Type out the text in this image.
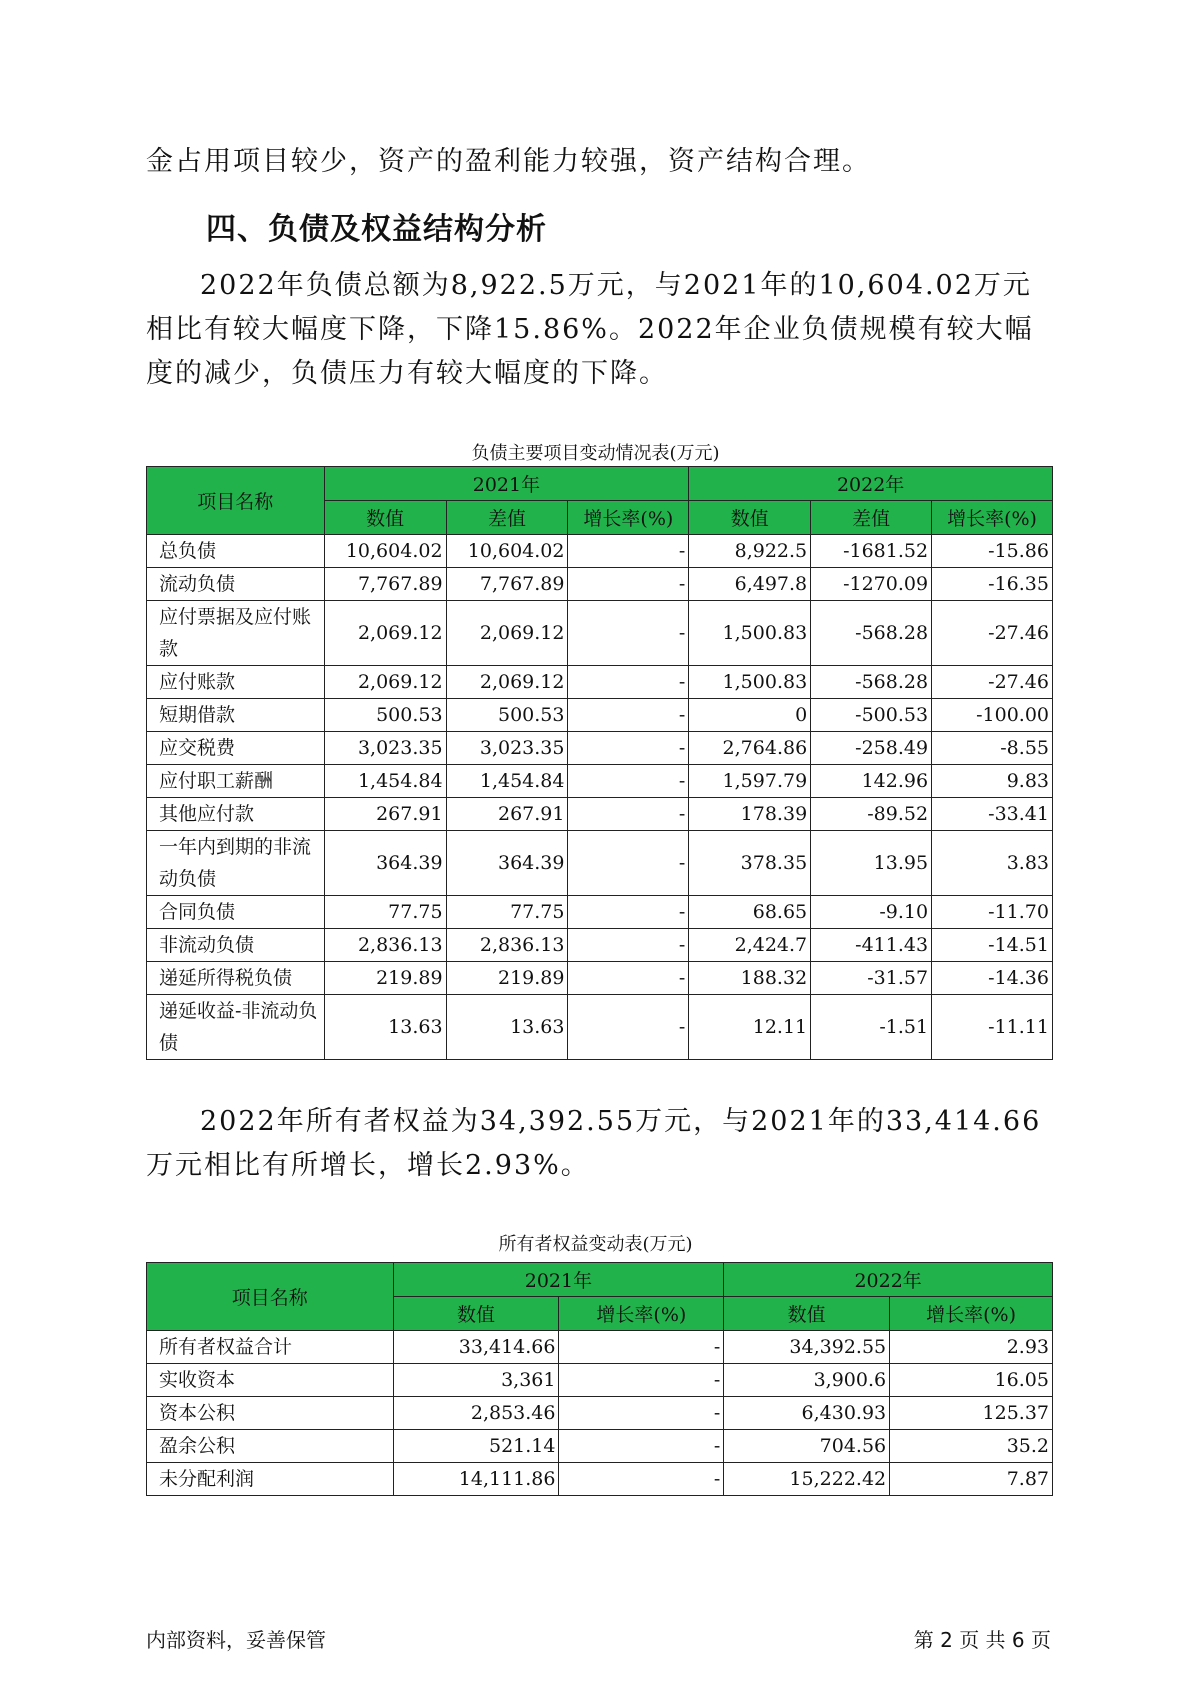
金占用项目较少，资产的盈利能力较强，资产结构合理。

四、负债及权益结构分析

2022年负债总额为8,922.5万元，与2021年的10,604.02万元相比有较大幅度下降，下降15.86%。2022年企业负债规模有较大幅度的减少，负债压力有较大幅度的下降。

负债主要项目变动情况表(万元)

项目名称	2021年			2022年		
	数值	差值	增长率(%)	数值	差值	增长率(%)
总负债	10,604.02	10,604.02	-	8,922.5	-1681.52	-15.86
流动负债	7,767.89	7,767.89	-	6,497.8	-1270.09	-16.35
应付票据及应付账款	2,069.12	2,069.12	-	1,500.83	-568.28	-27.46
应付账款	2,069.12	2,069.12	-	1,500.83	-568.28	-27.46
短期借款	500.53	500.53	-	0	-500.53	-100.00
应交税费	3,023.35	3,023.35	-	2,764.86	-258.49	-8.55
应付职工薪酬	1,454.84	1,454.84	-	1,597.79	142.96	9.83
其他应付款	267.91	267.91	-	178.39	-89.52	-33.41
一年内到期的非流动负债	364.39	364.39	-	378.35	13.95	3.83
合同负债	77.75	77.75	-	68.65	-9.10	-11.70
非流动负债	2,836.13	2,836.13	-	2,424.7	-411.43	-14.51
递延所得税负债	219.89	219.89	-	188.32	-31.57	-14.36
递延收益-非流动负债	13.63	13.63	-	12.11	-1.51	-11.11

2022年所有者权益为34,392.55万元，与2021年的33,414.66万元相比有所增长，增长2.93%。

所有者权益变动表(万元)

项目名称	2021年		2022年	
	数值	增长率(%)	数值	增长率(%)
所有者权益合计	33,414.66	-	34,392.55	2.93
实收资本	3,361	-	3,900.6	16.05
资本公积	2,853.46	-	6,430.93	125.37
盈余公积	521.14	-	704.56	35.2
未分配利润	14,111.86	-	15,222.42	7.87

内部资料，妥善保管	第 2 页 共 6 页
